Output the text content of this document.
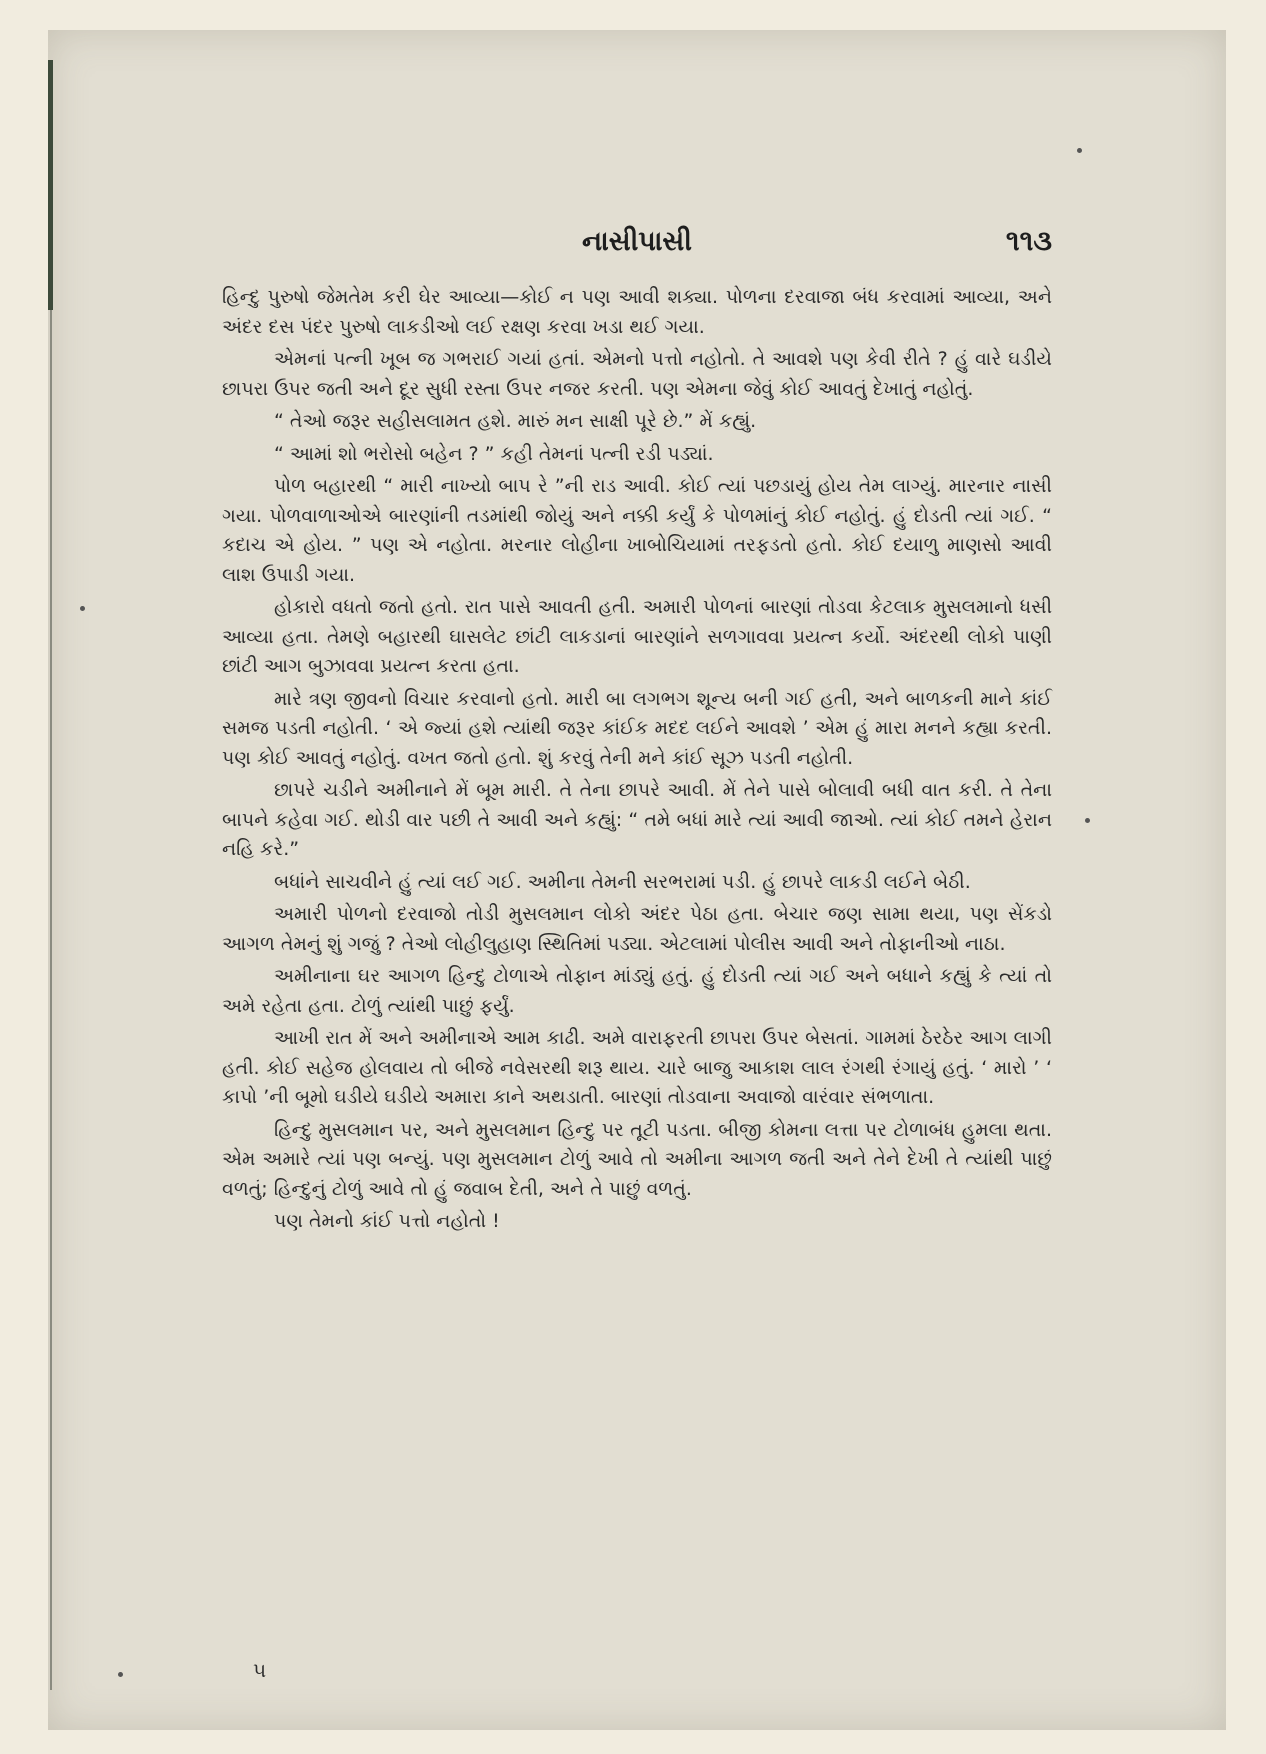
નાસીપાસી	૧૧૩

હિન્દુ પુરુષો જેમતેમ કરી ઘેર આવ્યા—કોઈ ન પણ આવી શક્યા. પોળના દરવાજા બંધ કરવામાં આવ્યા, અને અંદર દસ પંદર પુરુષો લાકડીઓ લઈ રક્ષણ કરવા ખડા થઈ ગયા.

એમનાં પત્ની ખૂબ જ ગભરાઈ ગયાં હતાં. એમનો પત્તો નહોતો. તે આવશે પણ કેવી રીતે ? હું વારે ઘડીયે છાપરા ઉપર જતી અને દૂર સુધી રસ્તા ઉપર નજર કરતી. પણ એમના જેવું કોઈ આવતું દેખાતું નહોતું.

“ તેઓ જરૂર સહીસલામત હશે. મારું મન સાક્ષી પૂરે છે.” મેં કહ્યું.

“ આમાં શો ભરોસો બહેન ? ” કહી તેમનાં પત્ની રડી પડ્યાં.

પોળ બહારથી “ મારી નાખ્યો બાપ રે ”ની રાડ આવી. કોઈ ત્યાં પછડાયું હોય તેમ લાગ્યું. મારનાર નાસી ગયા. પોળવાળાઓએ બારણાંની તડમાંથી જોયું અને નક્કી કર્યું કે પોળમાંનું કોઈ નહોતું. હું દોડતી ત્યાં ગઈ. “ કદાચ એ હોય. ” પણ એ નહોતા. મરનાર લોહીના ખાબોચિયામાં તરફડતો હતો. કોઈ દયાળુ માણસો આવી લાશ ઉપાડી ગયા.

હોકારો વધતો જતો હતો. રાત પાસે આવતી હતી. અમારી પોળનાં બારણાં તોડવા કેટલાક મુસલમાનો ધસી આવ્યા હતા. તેમણે બહારથી ઘાસલેટ છાંટી લાકડાનાં બારણાંને સળગાવવા પ્રયત્ન કર્યો. અંદરથી લોકો પાણી છાંટી આગ બુઝાવવા પ્રયત્ન કરતા હતા.

મારે ત્રણ જીવનો વિચાર કરવાનો હતો. મારી બા લગભગ શૂન્ય બની ગઈ હતી, અને બાળકની માને કાંઈ સમજ પડતી નહોતી. ‘ એ જ્યાં હશે ત્યાંથી જરૂર કાંઈક મદદ લઈને આવશે ’ એમ હું મારા મનને કહ્યા કરતી. પણ કોઈ આવતું નહોતું. વખત જતો હતો. શું કરવું તેની મને કાંઈ સૂઝ પડતી નહોતી.

છાપરે ચડીને અમીનાને મેં બૂમ મારી. તે તેના છાપરે આવી. મેં તેને પાસે બોલાવી બધી વાત કરી. તે તેના બાપને કહેવા ગઈ. થોડી વાર પછી તે આવી અને કહ્યું: “ તમે બધાં મારે ત્યાં આવી જાઓ. ત્યાં કોઈ તમને હેરાન નહિ કરે.”

બધાંને સાચવીને હું ત્યાં લઈ ગઈ. અમીના તેમની સરભરામાં પડી. હું છાપરે લાકડી લઈને બેઠી.

અમારી પોળનો દરવાજો તોડી મુસલમાન લોકો અંદર પેઠા હતા. બેચાર જણ સામા થયા, પણ સેંકડો આગળ તેમનું શું ગજું ? તેઓ લોહીલુહાણ સ્થિતિમાં પડ્યા. એટલામાં પોલીસ આવી અને તોફાનીઓ નાઠા.

અમીનાના ઘર આગળ હિન્દુ ટોળાએ તોફાન માંડ્યું હતું. હું દોડતી ત્યાં ગઈ અને બધાને કહ્યું કે ત્યાં તો અમે રહેતા હતા. ટોળું ત્યાંથી પાછું ફર્યું.

આખી રાત મેં અને અમીનાએ આમ કાઢી. અમે વારાફરતી છાપરા ઉપર બેસતાં. ગામમાં ઠેરઠેર આગ લાગી હતી. કોઈ સહેજ હોલવાય તો બીજે નવેસરથી શરૂ થાય. ચારે બાજુ આકાશ લાલ રંગથી રંગાયું હતું. ‘ મારો ’ ‘ કાપો ’ની બૂમો ઘડીયે ઘડીયે અમારા કાને અથડાતી. બારણાં તોડવાના અવાજો વારંવાર સંભળાતા.

હિન્દુ મુસલમાન પર, અને મુસલમાન હિન્દુ પર તૂટી પડતા. બીજી કોમના લત્તા પર ટોળાબંધ હુમલા થતા. એમ અમારે ત્યાં પણ બન્યું. પણ મુસલમાન ટોળું આવે તો અમીના આગળ જતી અને તેને દેખી તે ત્યાંથી પાછું વળતું; હિન્દુનું ટોળું આવે તો હું જવાબ દેતી, અને તે પાછું વળતું.

પણ તેમનો કાંઈ પત્તો નહોતો !

૫
